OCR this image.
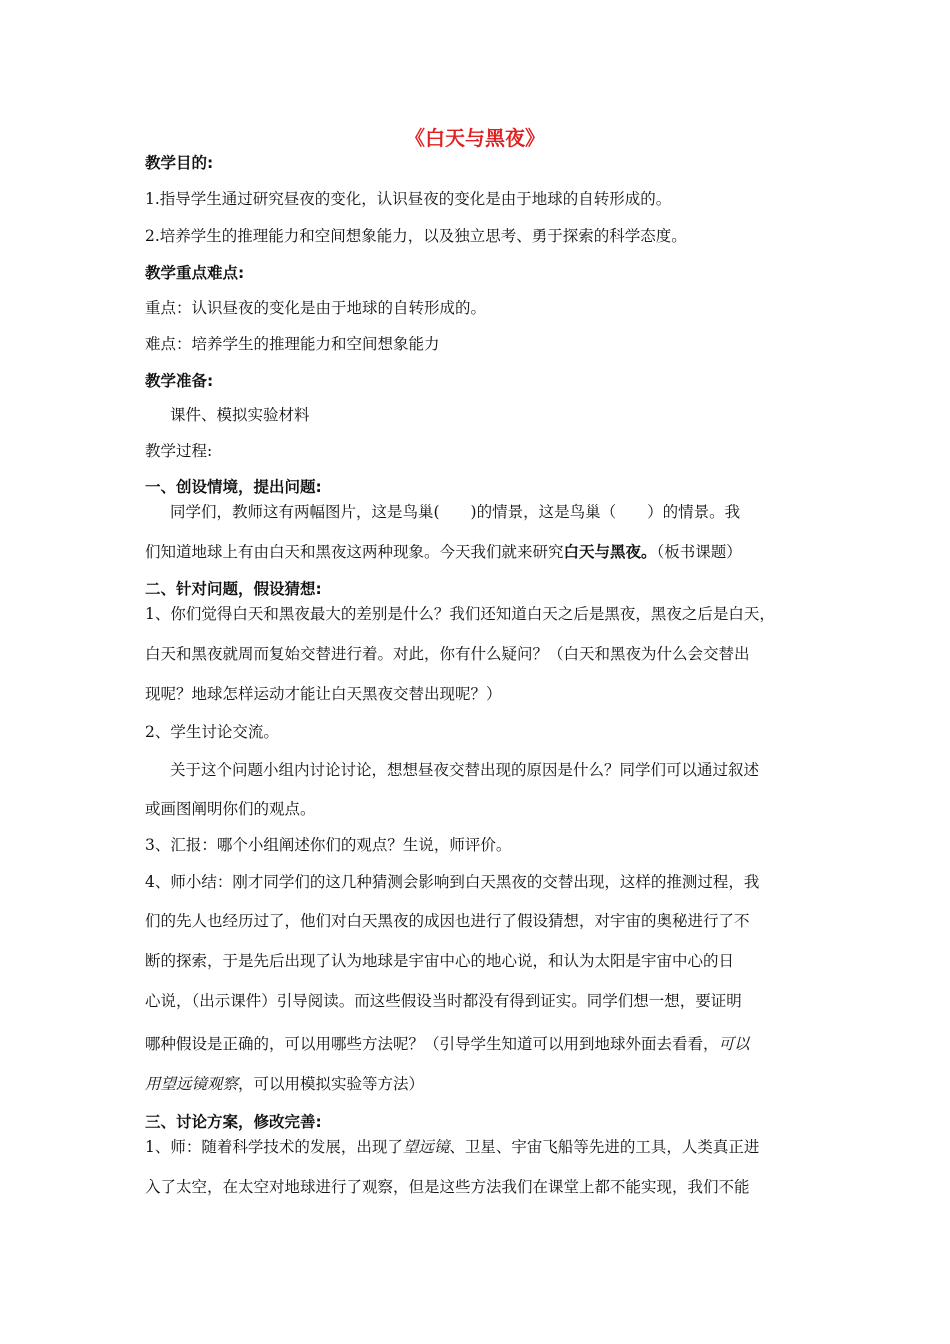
《白天与黑夜》
教学目的:
1.指导学生通过研究昼夜的变化，认识昼夜的变化是由于地球的自转形成的。
2.培养学生的推理能力和空间想象能力，以及独立思考、勇于探索的科学态度。
教学重点难点:
重点：认识昼夜的变化是由于地球的自转形成的。
难点：培养学生的推理能力和空间想象能力
教学准备:
课件、模拟实验材料
教学过程:
一、创设情境，提出问题:
同学们，教师这有两幅图片，这是鸟巢(　　)的情景，这是鸟巢（　　）的情景。我
们知道地球上有由白天和黑夜这两种现象。今天我们就来研究白天与黑夜。（板书课题）
二、针对问题，假设猜想:
1、你们觉得白天和黑夜最大的差别是什么？我们还知道白天之后是黑夜，黑夜之后是白天，
白天和黑夜就周而复始交替进行着。对此，你有什么疑问？（白天和黑夜为什么会交替出
现呢？地球怎样运动才能让白天黑夜交替出现呢？）
2、学生讨论交流。
关于这个问题小组内讨论讨论，想想昼夜交替出现的原因是什么？同学们可以通过叙述
或画图阐明你们的观点。
3、汇报：哪个小组阐述你们的观点？生说，师评价。
4、师小结：刚才同学们的这几种猜测会影响到白天黑夜的交替出现，这样的推测过程，我
们的先人也经历过了，他们对白天黑夜的成因也进行了假设猜想，对宇宙的奥秘进行了不
断的探索，于是先后出现了认为地球是宇宙中心的地心说，和认为太阳是宇宙中心的日
心说，（出示课件）引导阅读。而这些假设当时都没有得到证实。同学们想一想，要证明
哪种假设是正确的，可以用哪些方法呢？（引导学生知道可以用到地球外面去看看，可以
用望远镜观察，可以用模拟实验等方法）
三、讨论方案，修改完善:
1、师：随着科学技术的发展，出现了望远镜、卫星、宇宙飞船等先进的工具，人类真正进
入了太空，在太空对地球进行了观察，但是这些方法我们在课堂上都不能实现，我们不能
